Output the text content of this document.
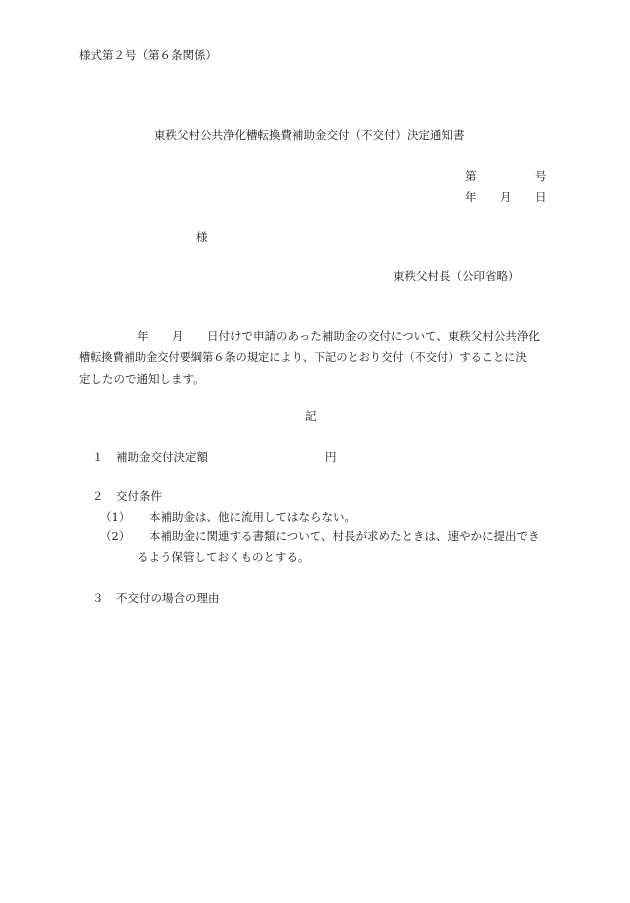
様式第２号（第６条関係）
東秩父村公共浄化槽転換費補助金交付（不交付）決定通知書
第	号
年 月 日
様
東秩父村長（公印省略）
年 月 日付けで申請のあった補助金の交付について、東秩父村公共浄化
槽転換費補助金交付要綱第６条の規定により、下記のとおり交付（不交付）することに決
定したので通知します。
記
１ 補助金交付決定額	円
２ 交付条件
（1） 本補助金は、他に流用してはならない。
（2） 本補助金に関連する書類について、村長が求めたときは、速やかに提出でき
るよう保管しておくものとする。
３ 不交付の場合の理由
